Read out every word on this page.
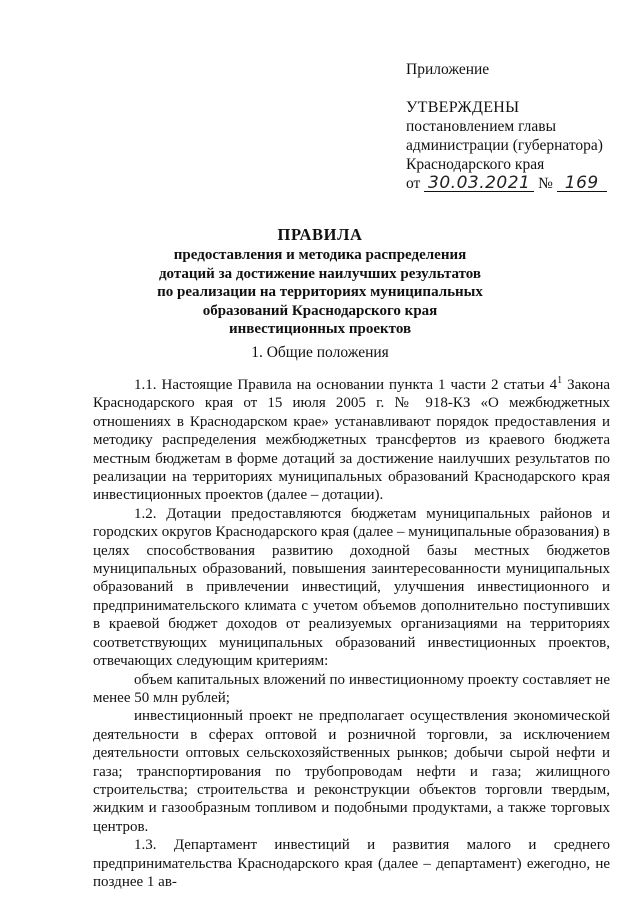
Приложение
УТВЕРЖДЕНЫ
постановлением главы
администрации (губернатора)
Краснодарского края
от 30.03.2021 № 169
ПРАВИЛА
предоставления и методика распределения
дотаций за достижение наилучших результатов
по реализации на территориях муниципальных
образований Краснодарского края
инвестиционных проектов
1. Общие положения

1.1. Настоящие Правила на основании пункта 1 части 2 статьи $4^1$ Закона Краснодарского края от 15 июля 2005 г. № 918-КЗ «О межбюджетных отношениях в Краснодарском крае» устанавливают порядок предоставления и методику распределения межбюджетных трансфертов из краевого бюджета местным бюджетам в форме дотаций за достижение наилучших результатов по реализации на территориях муниципальных образований Краснодарского края инвестиционных проектов (далее – дотации).

1.2. Дотации предоставляются бюджетам муниципальных районов и городских округов Краснодарского края (далее – муниципальные образования) в целях способствования развитию доходной базы местных бюджетов муниципальных образований, повышения заинтересованности муниципальных образований в привлечении инвестиций, улучшения инвестиционного и предпринимательского климата с учетом объемов дополнительно поступивших в краевой бюджет доходов от реализуемых организациями на территориях соответствующих муниципальных образований инвестиционных проектов, отвечающих следующим критериям:

объем капитальных вложений по инвестиционному проекту составляет не менее 50 млн рублей;

инвестиционный проект не предполагает осуществления экономической деятельности в сферах оптовой и розничной торговли, за исключением деятельности оптовых сельскохозяйственных рынков; добычи сырой нефти и газа; транспортирования по трубопроводам нефти и газа; жилищного строительства; строительства и реконструкции объектов торговли твердым, жидким и газообразным топливом и подобными продуктами, а также торговых центров.

1.3. Департамент инвестиций и развития малого и среднего предпринимательства Краснодарского края (далее – департамент) ежегодно, не позднее 1 ав-
